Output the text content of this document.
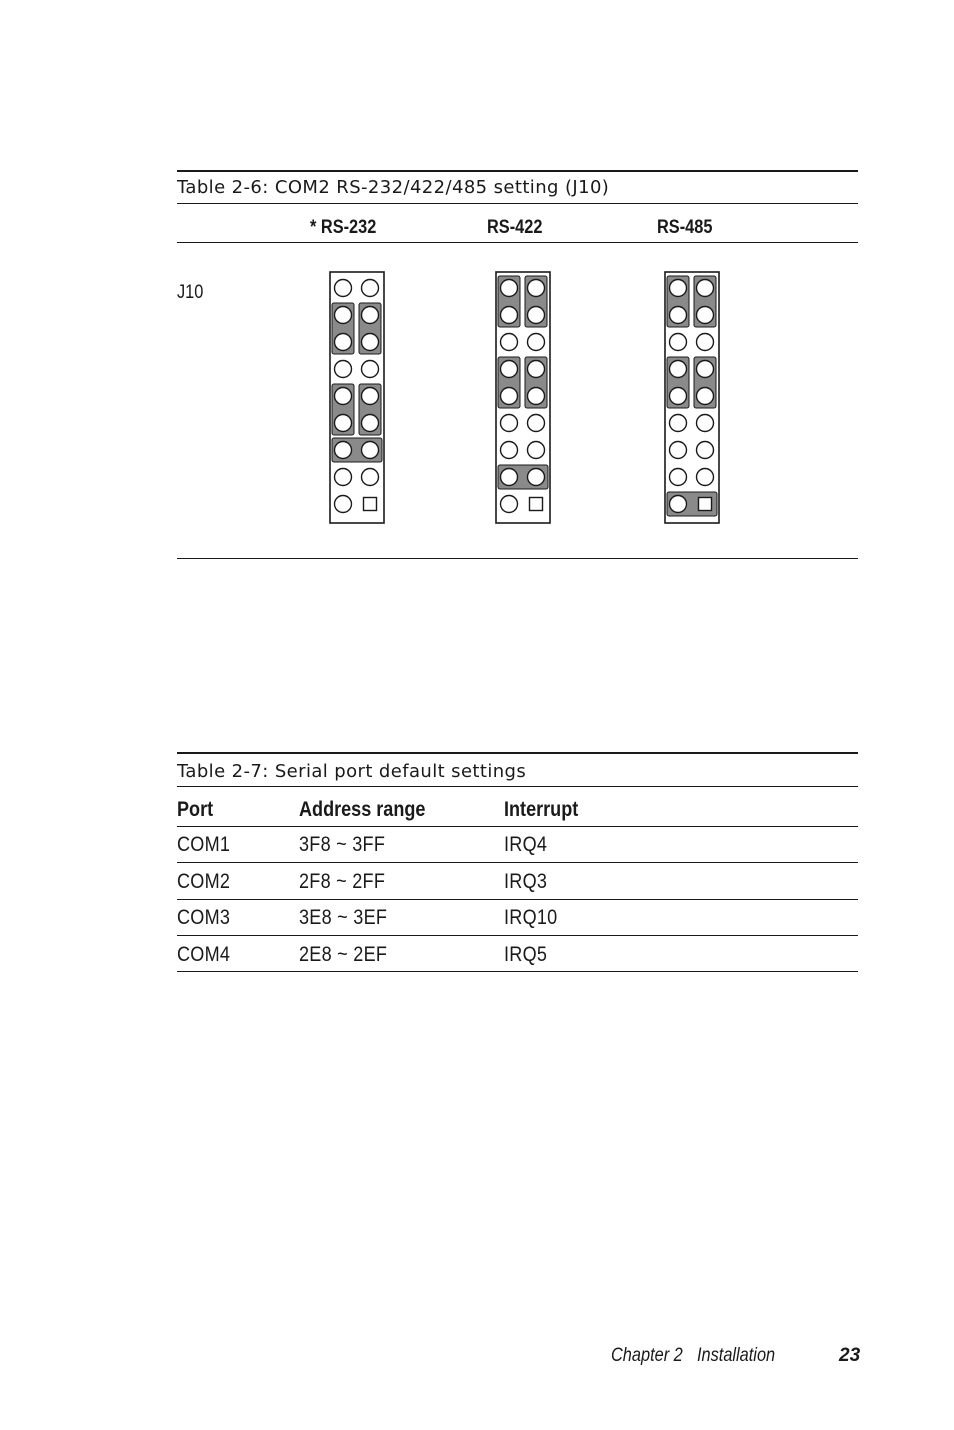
Table 2-6: COM2 RS-232/422/485 setting (J10)
* RS-232	RS-422	RS-485
J10
Table 2-7: Serial port default settings
Port	Address range	Interrupt
COM1	3F8 ~ 3FF	IRQ4
COM2	2F8 ~ 2FF	IRQ3
COM3	3E8 ~ 3EF	IRQ10
COM4	2E8 ~ 2EF	IRQ5
Chapter 2 Installation	23
